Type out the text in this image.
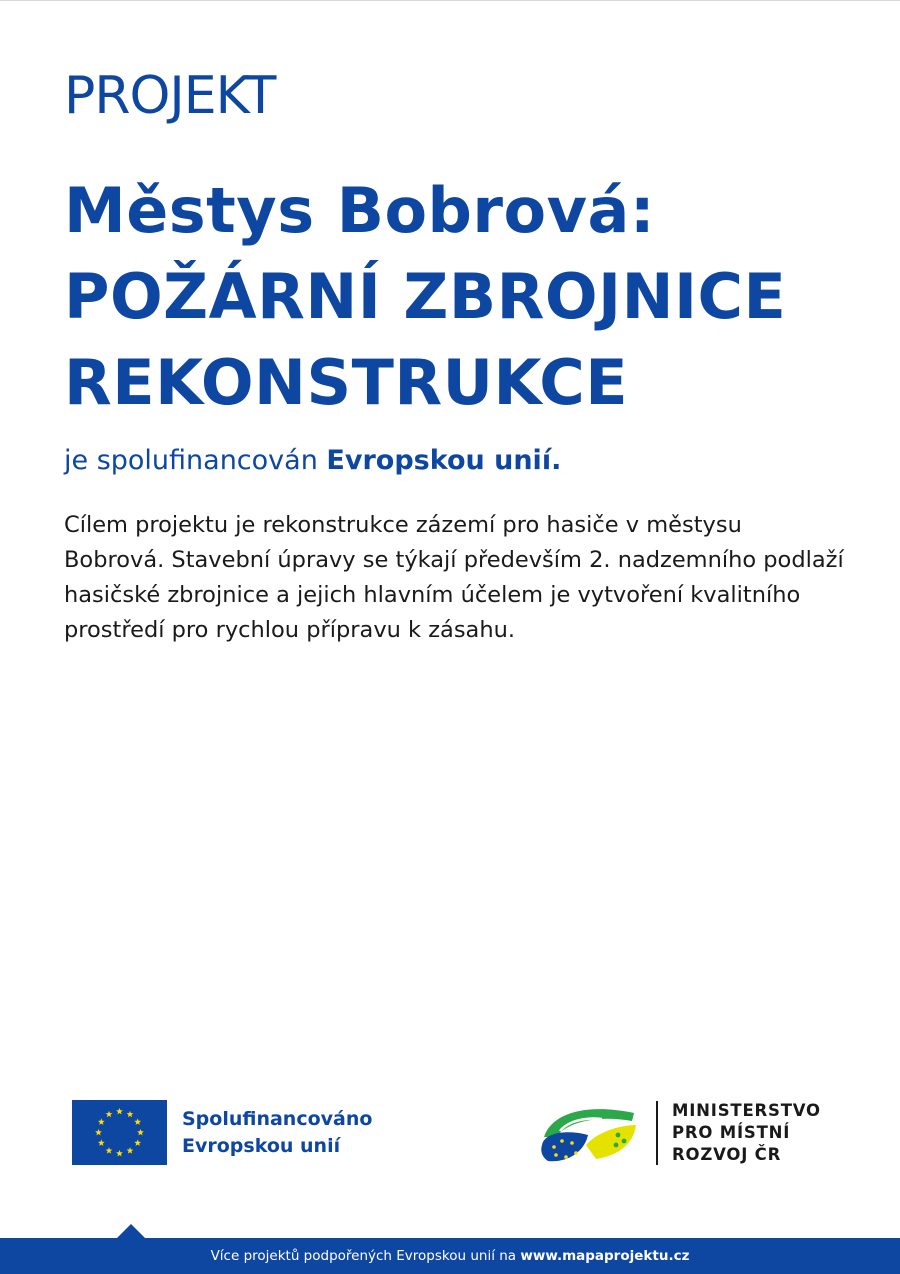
PROJEKT
Městys Bobrová:
POŽÁRNÍ ZBROJNICE
REKONSTRUKCE

je spolufinancován Evropskou unií.

Cílem projektu je rekonstrukce zázemí pro hasiče v městysu Bobrová. Stavební úpravy se týkají především 2. nadzemního podlaží hasičské zbrojnice a jejich hlavním účelem je vytvoření kvalitního prostředí pro rychlou přípravu k zásahu.

Spolufinancováno
Evropskou unií
MINISTERSTVO
PRO MÍSTNÍ
ROZVOJ ČR
Více projektů podpořených Evropskou unií na www.mapaprojektu.cz
